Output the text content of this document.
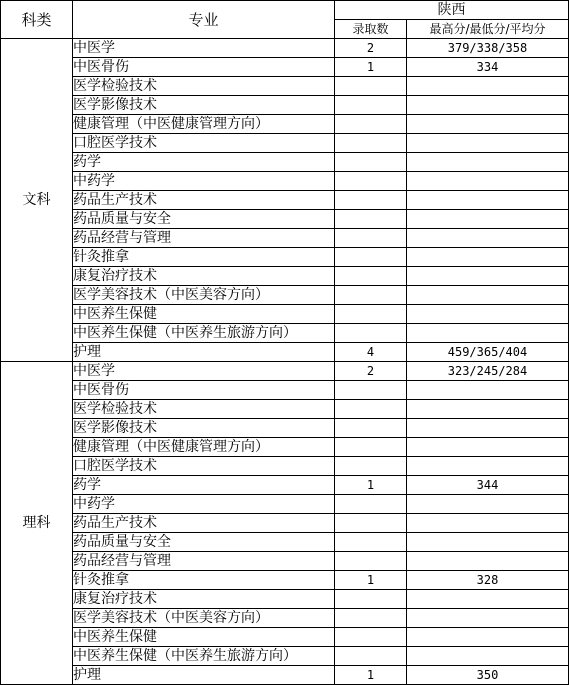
科类	专业	陕西	
		录取数	最高分/最低分/平均分
文科	中医学	2	379/338/358
	中医骨伤	1	334
	医学检验技术		
	医学影像技术		
	健康管理（中医健康管理方向）		
	口腔医学技术		
	药学		
	中药学		
	药品生产技术		
	药品质量与安全		
	药品经营与管理		
	针灸推拿		
	康复治疗技术		
	医学美容技术（中医美容方向）		
	中医养生保健		
	中医养生保健（中医养生旅游方向）		
	护理	4	459/365/404
理科	中医学	2	323/245/284
	中医骨伤		
	医学检验技术		
	医学影像技术		
	健康管理（中医健康管理方向）		
	口腔医学技术		
	药学	1	344
	中药学		
	药品生产技术		
	药品质量与安全		
	药品经营与管理		
	针灸推拿	1	328
	康复治疗技术		
	医学美容技术（中医美容方向）		
	中医养生保健		
	中医养生保健（中医养生旅游方向）		
	护理	1	350
